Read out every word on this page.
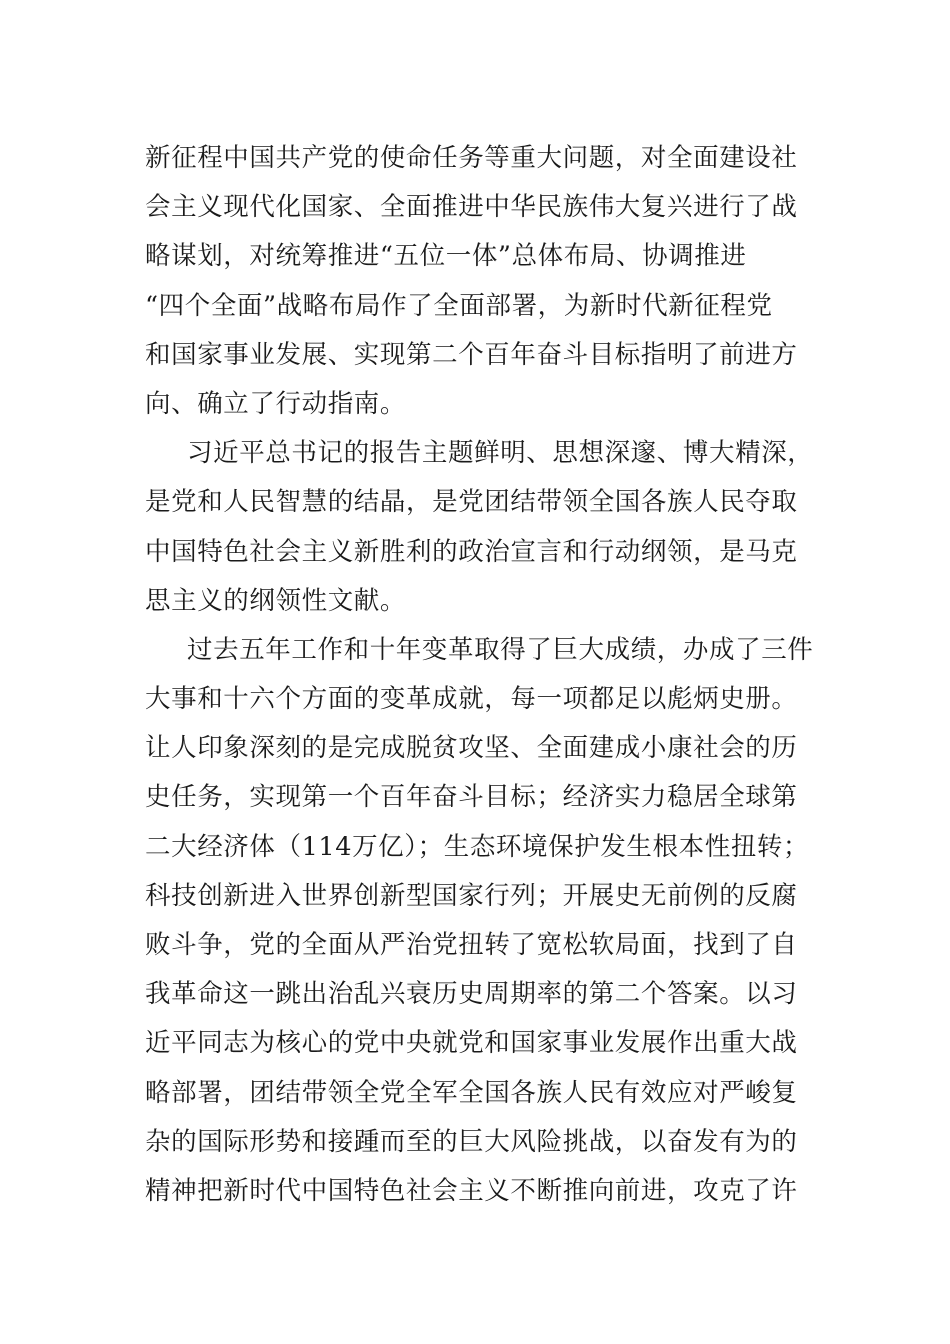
新征程中国共产党的使命任务等重大问题，对全面建设社
会主义现代化国家、全面推进中华民族伟大复兴进行了战
略谋划，对统筹推进“五位一体”总体布局、协调推进
“四个全面”战略布局作了全面部署，为新时代新征程党
和国家事业发展、实现第二个百年奋斗目标指明了前进方
向、确立了行动指南。
习近平总书记的报告主题鲜明、思想深邃、博大精深，
是党和人民智慧的结晶，是党团结带领全国各族人民夺取
中国特色社会主义新胜利的政治宣言和行动纲领，是马克
思主义的纲领性文献。
过去五年工作和十年变革取得了巨大成绩，办成了三件
大事和十六个方面的变革成就，每一项都足以彪炳史册。
让人印象深刻的是完成脱贫攻坚、全面建成小康社会的历
史任务，实现第一个百年奋斗目标；经济实力稳居全球第
二大经济体（114万亿）；生态环境保护发生根本性扭转；
科技创新进入世界创新型国家行列；开展史无前例的反腐
败斗争，党的全面从严治党扭转了宽松软局面，找到了自
我革命这一跳出治乱兴衰历史周期率的第二个答案。以习
近平同志为核心的党中央就党和国家事业发展作出重大战
略部署，团结带领全党全军全国各族人民有效应对严峻复
杂的国际形势和接踵而至的巨大风险挑战，以奋发有为的
精神把新时代中国特色社会主义不断推向前进，攻克了许
